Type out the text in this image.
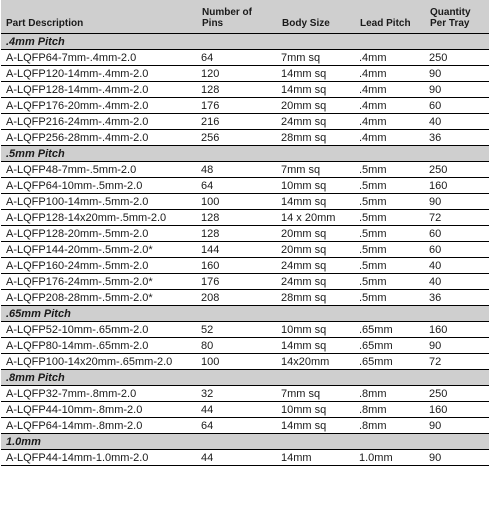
Part Description	Number of Pins	Body Size	Lead Pitch	Quantity Per Tray
.4mm Pitch				
A-LQFP64-7mm-.4mm-2.0	64	7mm sq	.4mm	250
A-LQFP120-14mm-.4mm-2.0	120	14mm sq	.4mm	90
A-LQFP128-14mm-.4mm-2.0	128	14mm sq	.4mm	90
A-LQFP176-20mm-.4mm-2.0	176	20mm sq	.4mm	60
A-LQFP216-24mm-.4mm-2.0	216	24mm sq	.4mm	40
A-LQFP256-28mm-.4mm-2.0	256	28mm sq	.4mm	36
.5mm Pitch				
A-LQFP48-7mm-.5mm-2.0	48	7mm sq	.5mm	250
A-LQFP64-10mm-.5mm-2.0	64	10mm sq	.5mm	160
A-LQFP100-14mm-.5mm-2.0	100	14mm sq	.5mm	90
A-LQFP128-14x20mm-.5mm-2.0	128	14 x 20mm	.5mm	72
A-LQFP128-20mm-.5mm-2.0	128	20mm sq	.5mm	60
A-LQFP144-20mm-.5mm-2.0*	144	20mm sq	.5mm	60
A-LQFP160-24mm-.5mm-2.0	160	24mm sq	.5mm	40
A-LQFP176-24mm-.5mm-2.0*	176	24mm sq	.5mm	40
A-LQFP208-28mm-.5mm-2.0*	208	28mm sq	.5mm	36
.65mm Pitch				
A-LQFP52-10mm-.65mm-2.0	52	10mm sq	.65mm	160
A-LQFP80-14mm-.65mm-2.0	80	14mm sq	.65mm	90
A-LQFP100-14x20mm-.65mm-2.0	100	14x20mm	.65mm	72
.8mm Pitch				
A-LQFP32-7mm-.8mm-2.0	32	7mm sq	.8mm	250
A-LQFP44-10mm-.8mm-2.0	44	10mm sq	.8mm	160
A-LQFP64-14mm-.8mm-2.0	64	14mm sq	.8mm	90
1.0mm				
A-LQFP44-14mm-1.0mm-2.0	44	14mm	1.0mm	90
